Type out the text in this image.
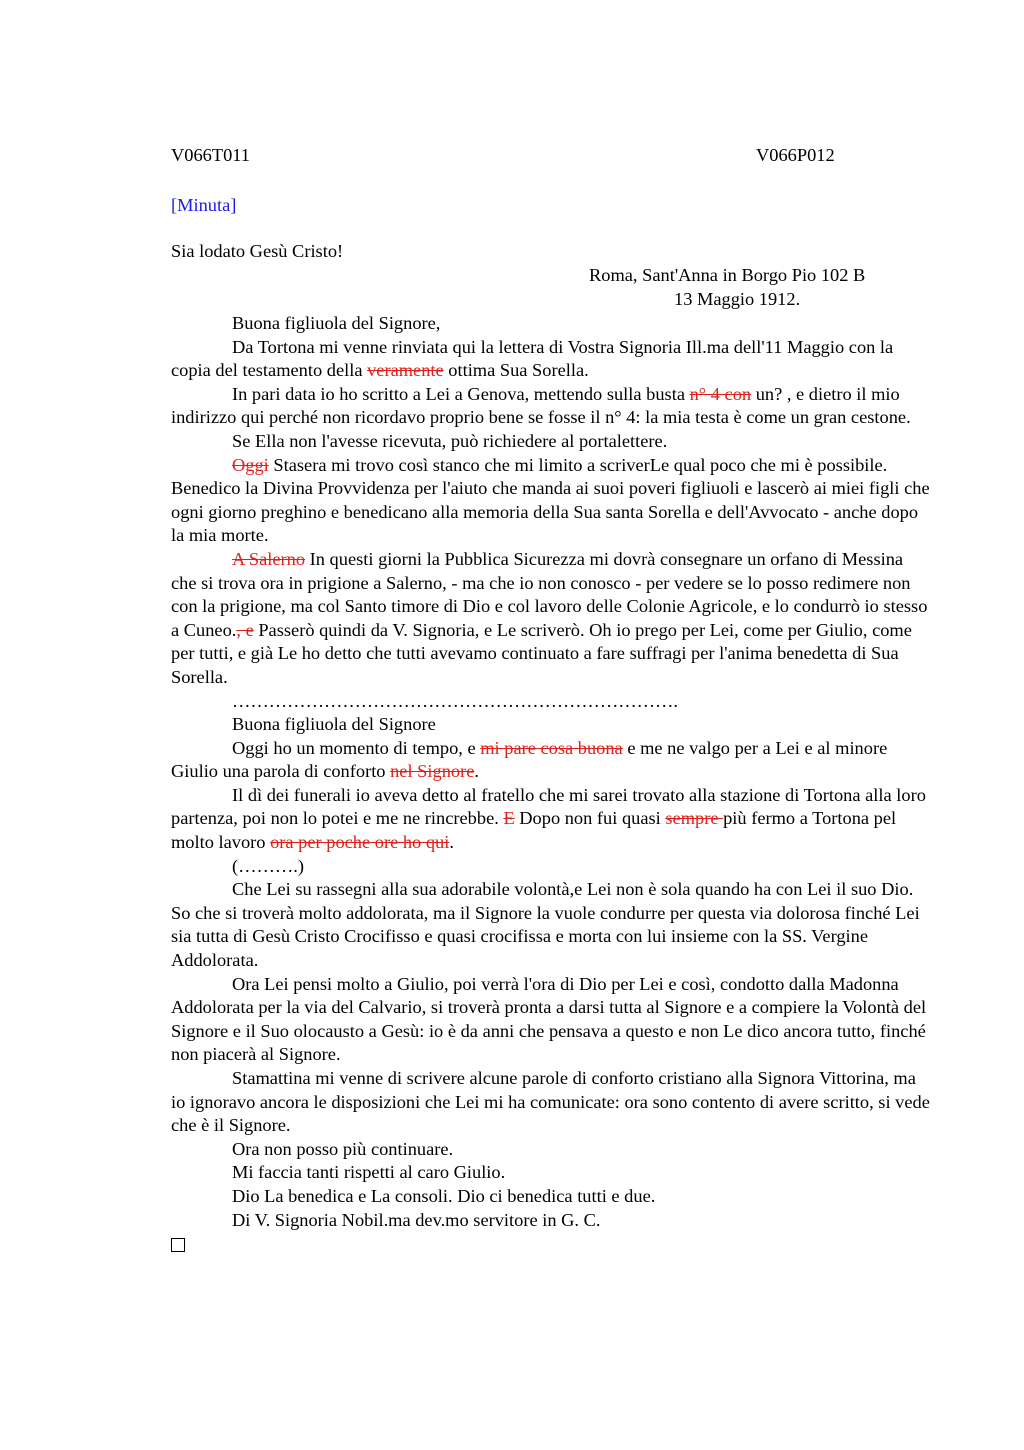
V066T011	V066P012
[Minuta]
Sia lodato Gesù Cristo!
Roma, Sant'Anna in Borgo Pio 102 B
13 Maggio 1912.

Buona figliuola del Signore,

Da Tortona mi venne rinviata qui la lettera di Vostra Signoria Ill.ma dell'11 Maggio con la copia del testamento della veramente ottima Sua Sorella.

In pari data io ho scritto a Lei a Genova, mettendo sulla busta n° 4 con un? , e dietro il mio indirizzo qui perché non ricordavo proprio bene se fosse il n° 4: la mia testa è come un gran cestone.

Se Ella non l'avesse ricevuta, può richiedere al portalettere.

Oggi Stasera mi trovo così stanco che mi limito a scriverLe qual poco che mi è possibile. Benedico la Divina Provvidenza per l'aiuto che manda ai suoi poveri figliuoli e lascerò ai miei figli che ogni giorno preghino e benedicano alla memoria della Sua santa Sorella e dell'Avvocato - anche dopo la mia morte.

A Salerno In questi giorni la Pubblica Sicurezza mi dovrà consegnare un orfano di Messina che si trova ora in prigione a Salerno, - ma che io non conosco - per vedere se lo posso redimere non con la prigione, ma col Santo timore di Dio e col lavoro delle Colonie Agricole, e lo condurrò io stesso a Cuneo., e Passerò quindi da V. Signoria, e Le scriverò. Oh io prego per Lei, come per Giulio, come per tutti, e già Le ho detto che tutti avevamo continuato a fare suffragi per l'anima benedetta di Sua Sorella.

……………………………………………………………….

Buona figliuola del Signore

Oggi ho un momento di tempo, e mi pare cosa buona e me ne valgo per a Lei e al minore Giulio una parola di conforto nel Signore.

Il dì dei funerali io aveva detto al fratello che mi sarei trovato alla stazione di Tortona alla loro partenza, poi non lo potei e me ne rincrebbe. E Dopo non fui quasi sempre più fermo a Tortona pel molto lavoro ora per poche ore ho qui.

(……….)

Che Lei su rassegni alla sua adorabile volontà,e Lei non è sola quando ha con Lei il suo Dio. So che si troverà molto addolorata, ma il Signore la vuole condurre per questa via dolorosa finché Lei sia tutta di Gesù Cristo Crocifisso e quasi crocifissa e morta con lui insieme con la SS. Vergine Addolorata.

Ora Lei pensi molto a Giulio, poi verrà l'ora di Dio per Lei e così, condotto dalla Madonna Addolorata per la via del Calvario, si troverà pronta a darsi tutta al Signore e a compiere la Volontà del Signore e il Suo olocausto a Gesù: io è da anni che pensava a questo e non Le dico ancora tutto, finché non piacerà al Signore.

Stamattina mi venne di scrivere alcune parole di conforto cristiano alla Signora Vittorina, ma io ignoravo ancora le disposizioni che Lei mi ha comunicate: ora sono contento di avere scritto, si vede che è il Signore.

Ora non posso più continuare.

Mi faccia tanti rispetti al caro Giulio.

Dio La benedica e La consoli. Dio ci benedica tutti e due.

Di V. Signoria Nobil.ma dev.mo servitore in G. C.
